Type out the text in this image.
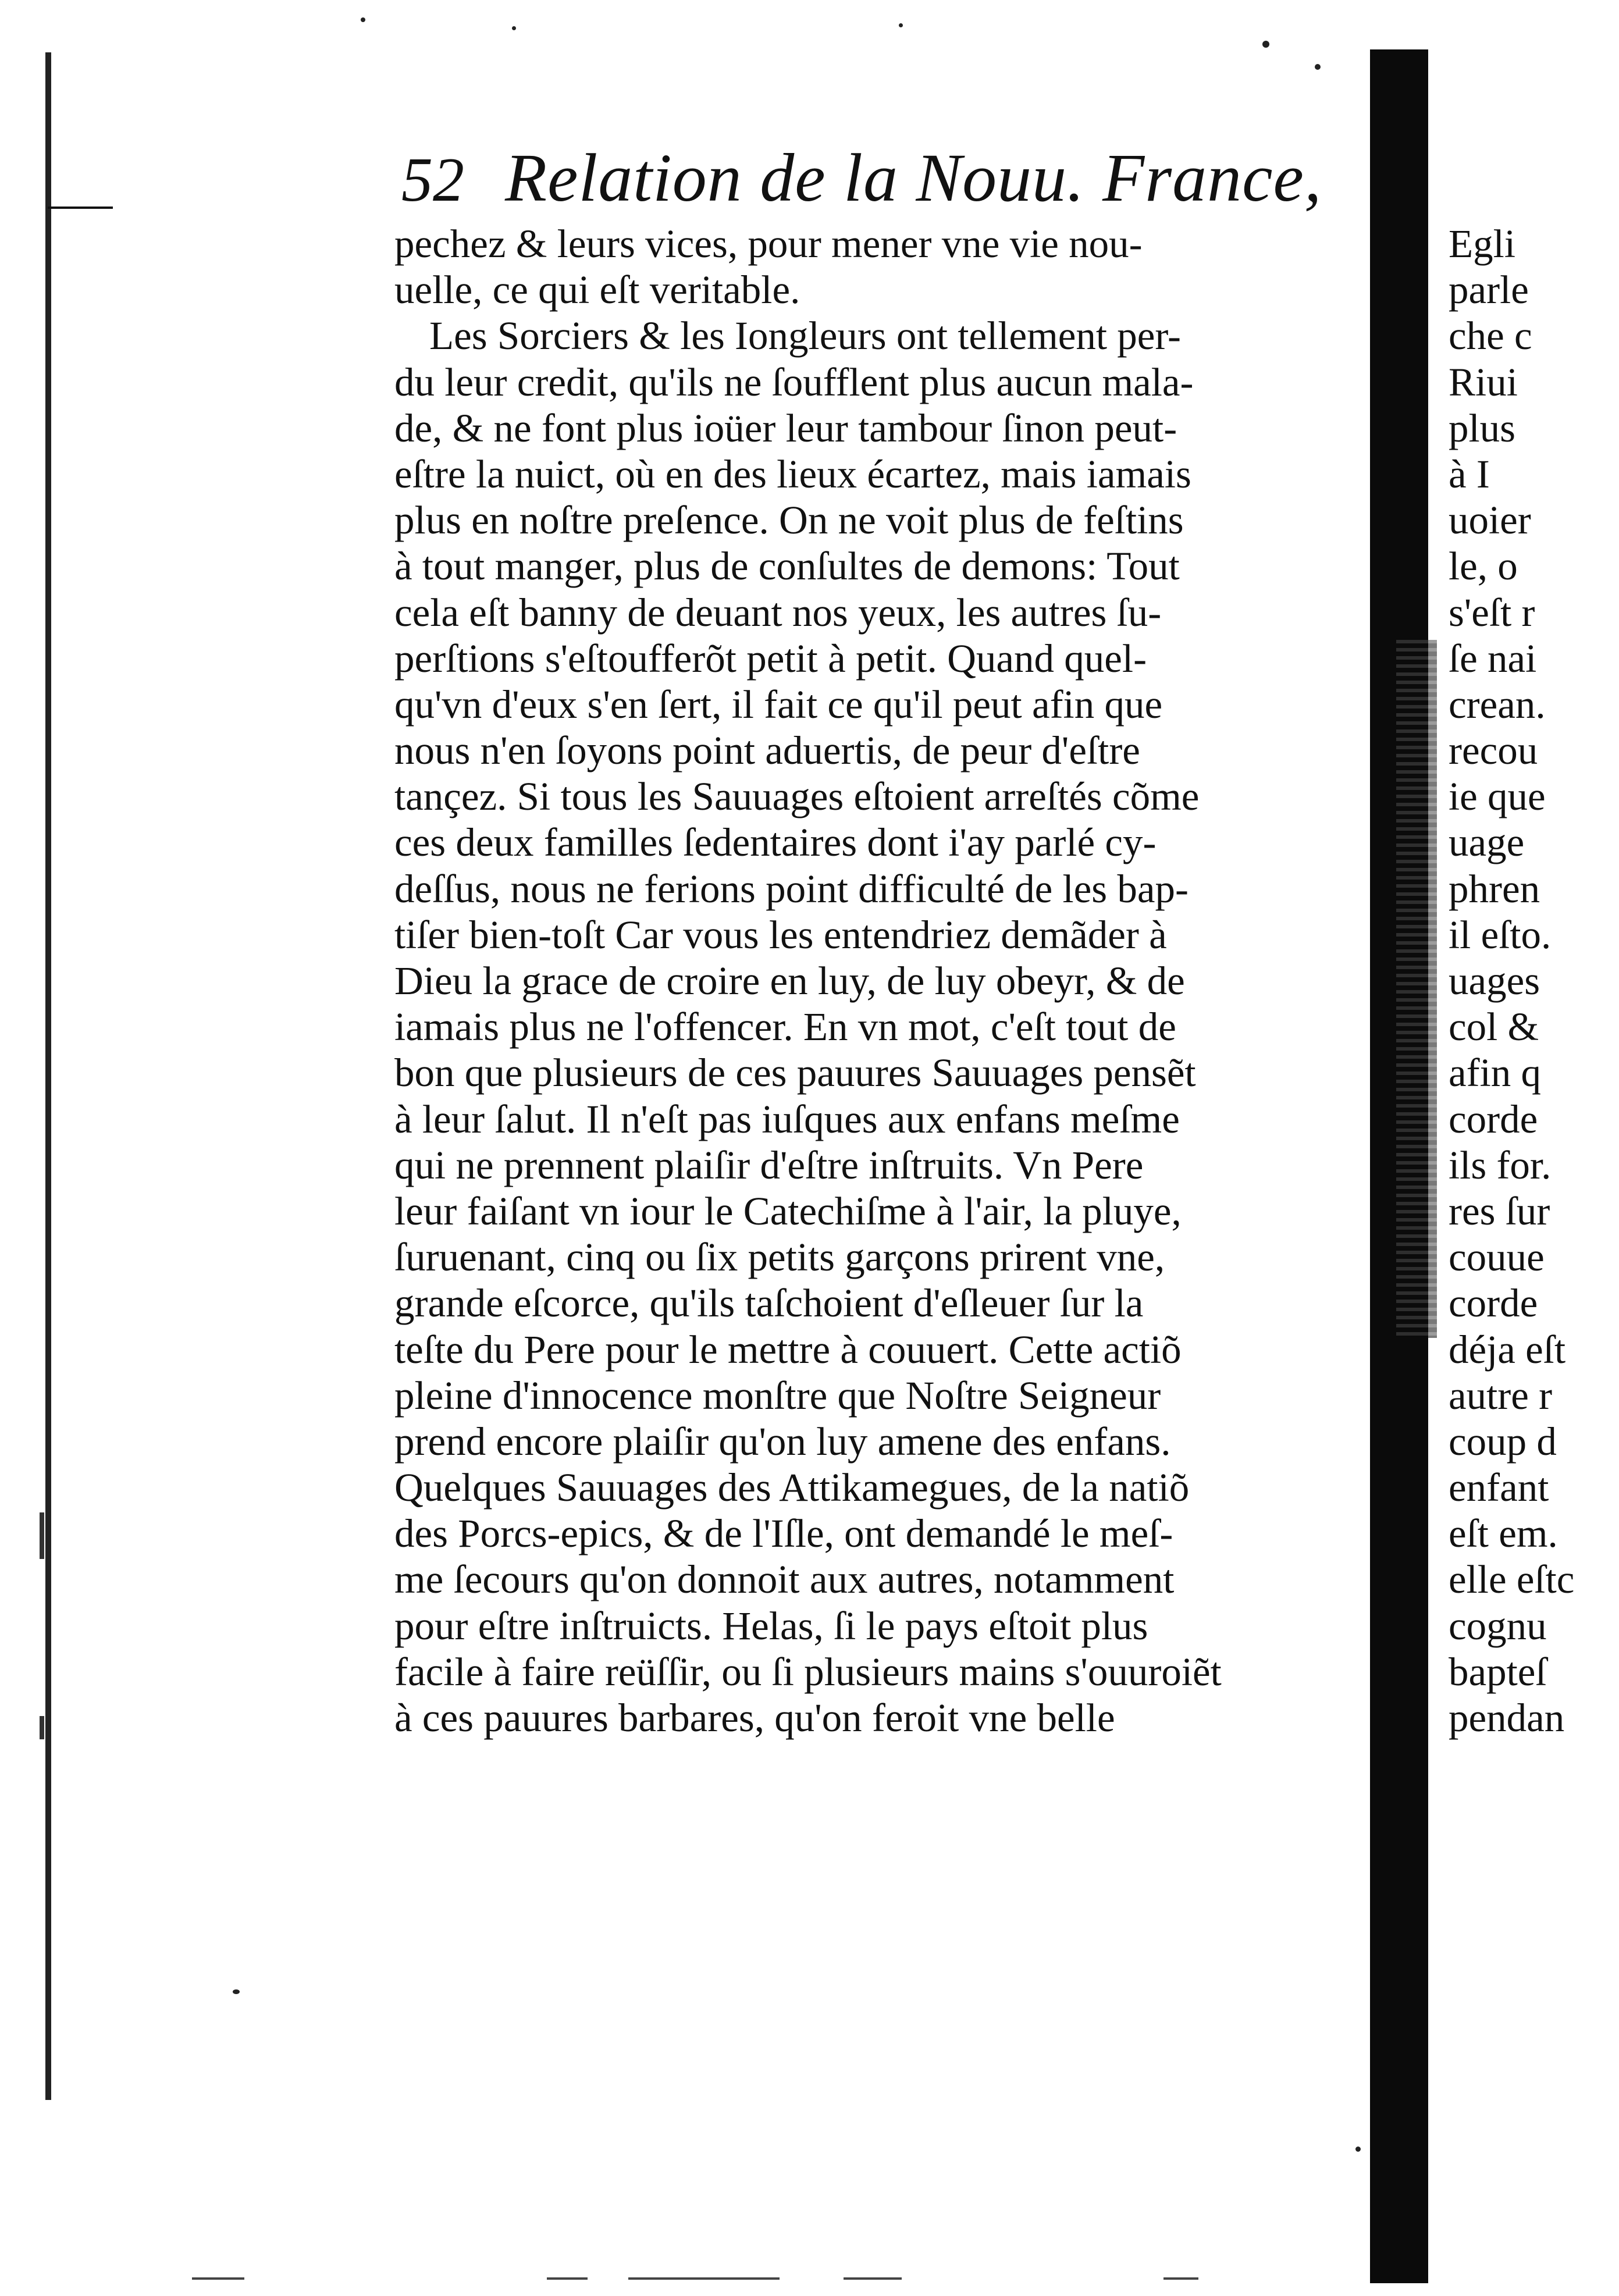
52 Relation de la Nouu. France,
pechez & leurs vices, pour mener vne vie nou-
uelle, ce qui eſt veritable.
Les Sorciers & les Iongleurs ont tellement per-
du leur credit, qu'ils ne ſoufflent plus aucun mala-
de, & ne font plus ioüer leur tambour ſinon peut-
eſtre la nuict, où en des lieux écartez, mais iamais
plus en noſtre preſence. On ne voit plus de feſtins
à tout manger, plus de conſultes de demons: Tout
cela eſt banny de deuant nos yeux, les autres ſu-
perſtions s'eſtoufferõt petit à petit. Quand quel-
qu'vn d'eux s'en ſert, il fait ce qu'il peut afin que
nous n'en ſoyons point aduertis, de peur d'eſtre
tançez. Si tous les Sauuages eſtoient arreſtés cõme
ces deux familles ſedentaires dont i'ay parlé cy-
deſſus, nous ne ferions point difficulté de les bap-
tiſer bien-toſt Car vous les entendriez demãder à
Dieu la grace de croire en luy, de luy obeyr, & de
iamais plus ne l'offencer. En vn mot, c'eſt tout de
bon que plusieurs de ces pauures Sauuages pensẽt
à leur ſalut. Il n'eſt pas iuſques aux enfans meſme
qui ne prennent plaiſir d'eſtre inſtruits. Vn Pere
leur faiſant vn iour le Catechiſme à l'air, la pluye,
ſuruenant, cinq ou ſix petits garçons prirent vne,
grande eſcorce, qu'ils taſchoient d'eſleuer ſur la
teſte du Pere pour le mettre à couuert. Cette actiõ
pleine d'innocence monſtre que Noſtre Seigneur
prend encore plaiſir qu'on luy amene des enfans.
Quelques Sauuages des Attikamegues, de la natiõ
des Porcs-epics, & de l'Iſle, ont demandé le meſ-
me ſecours qu'on donnoit aux autres, notamment
pour eſtre inſtruicts. Helas, ſi le pays eſtoit plus
facile à faire reüſſir, ou ſi plusieurs mains s'ouuroiẽt
à ces pauures barbares, qu'on feroit vne belle
Egli
parle
che c
Riui
plus
à I
uoier
le, o
s'eſt r
ſe nai
crean.
recou
ie que
uage
phren
il eſto.
uages
col &
afin q
corde
ils for.
res ſur
couue
corde
déja eſt
autre r
coup d
enfant
eſt em.
elle eſtc
cognu
bapteſ
pendan
